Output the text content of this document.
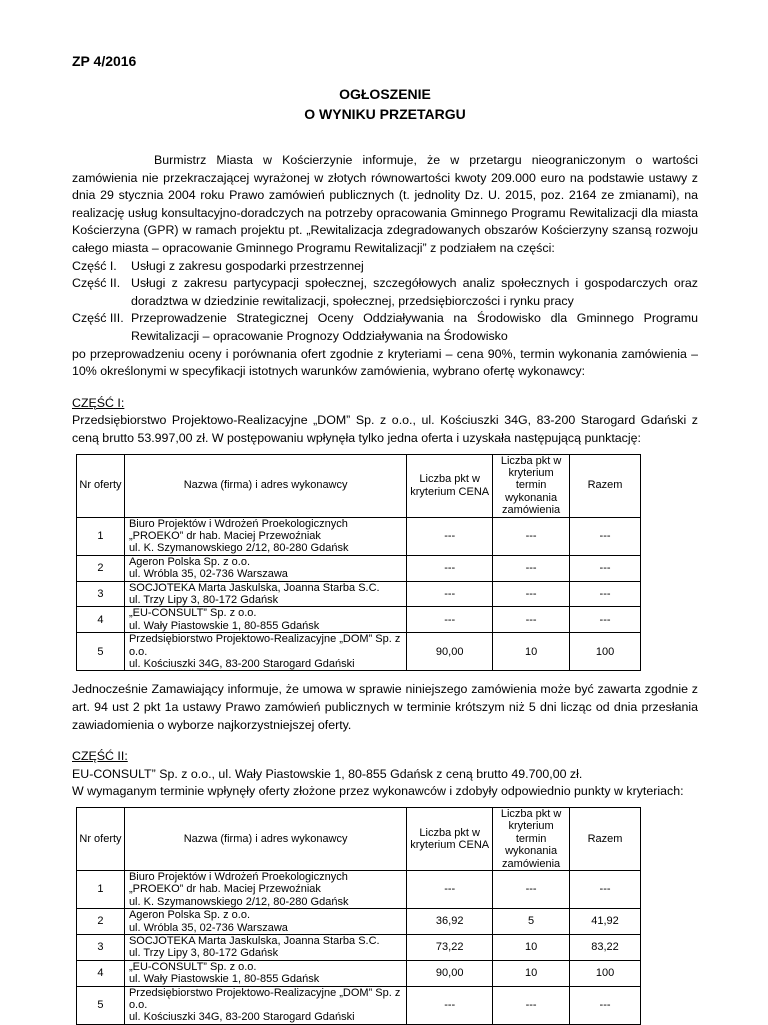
ZP 4/2016

OGŁOSZENIE
O WYNIKU PRZETARGU
Burmistrz Miasta w Kościerzynie informuje, że w przetargu nieograniczonym o wartości zamówienia nie przekraczającej wyrażonej w złotych równowartości kwoty 209.000 euro na podstawie ustawy z dnia 29 stycznia 2004 roku Prawo zamówień publicznych (t. jednolity Dz. U. 2015, poz. 2164 ze zmianami), na realizację usług konsultacyjno-doradczych na potrzeby opracowania Gminnego Programu Rewitalizacji dla miasta Kościerzyna (GPR) w ramach projektu pt. „Rewitalizacja zdegradowanych obszarów Kościerzyny szansą rozwoju całego miasta – opracowanie Gminnego Programu Rewitalizacji” z podziałem na części:
Część I.	Usługi z zakresu gospodarki przestrzennej
Część II. Usługi z zakresu partycypacji społecznej, szczegółowych analiz społecznych i gospodarczych oraz doradztwa w dziedzinie rewitalizacji, społecznej, przedsiębiorczości i rynku pracy
Część III. Przeprowadzenie Strategicznej Oceny Oddziaływania na Środowisko dla Gminnego Programu Rewitalizacji – opracowanie Prognozy Oddziaływania na Środowisko
po przeprowadzeniu oceny i porównania ofert zgodnie z kryteriami – cena 90%, termin wykonania zamówienia – 10% określonymi w specyfikacji istotnych warunków zamówienia, wybrano ofertę wykonawcy:
CZĘŚĆ I:
Przedsiębiorstwo Projektowo-Realizacyjne „DOM” Sp. z o.o., ul. Kościuszki 34G, 83-200 Starogard Gdański z ceną brutto 53.997,00 zł. W postępowaniu wpłynęła tylko jedna oferta i uzyskała następującą punktację:
Nr oferty	Nazwa (firma) i adres wykonawcy	Liczba pkt w kryterium CENA	Liczba pkt w kryterium termin wykonania zamówienia	Razem
1	Biuro Projektów i Wdrożeń Proekologicznych
„PROEKO” dr hab. Maciej Przewoźniak
ul. K. Szymanowskiego 2/12, 80-280 Gdańsk	---	---	---
2	Ageron Polska Sp. z o.o.
ul. Wróbla 35, 02-736 Warszawa	---	---	---
3	SOCJOTEKA Marta Jaskulska, Joanna Starba S.C.
ul. Trzy Lipy 3, 80-172 Gdańsk	---	---	---
4	„EU-CONSULT” Sp. z o.o.
ul. Wały Piastowskie 1, 80-855 Gdańsk	---	---	---
5	Przedsiębiorstwo Projektowo-Realizacyjne „DOM” Sp. z o.o.
ul. Kościuszki 34G, 83-200 Starogard Gdański	90,00	10	100
Jednocześnie Zamawiający informuje, że umowa w sprawie niniejszego zamówienia może być zawarta zgodnie z art. 94 ust 2 pkt 1a ustawy Prawo zamówień publicznych w terminie krótszym niż 5 dni licząc od dnia przesłania zawiadomienia o wyborze najkorzystniejszej oferty.
CZĘŚĆ II:
EU-CONSULT” Sp. z o.o., ul. Wały Piastowskie 1, 80-855 Gdańsk z ceną brutto 49.700,00 zł.
W wymaganym terminie wpłynęły oferty złożone przez wykonawców i zdobyły odpowiednio punkty w kryteriach:
Nr oferty	Nazwa (firma) i adres wykonawcy	Liczba pkt w kryterium CENA	Liczba pkt w kryterium termin wykonania zamówienia	Razem
1	Biuro Projektów i Wdrożeń Proekologicznych
„PROEKO” dr hab. Maciej Przewoźniak
ul. K. Szymanowskiego 2/12, 80-280 Gdańsk	---	---	---
2	Ageron Polska Sp. z o.o.
ul. Wróbla 35, 02-736 Warszawa	36,92	5	41,92
3	SOCJOTEKA Marta Jaskulska, Joanna Starba S.C.
ul. Trzy Lipy 3, 80-172 Gdańsk	73,22	10	83,22
4	„EU-CONSULT” Sp. z o.o.
ul. Wały Piastowskie 1, 80-855 Gdańsk	90,00	10	100
5	Przedsiębiorstwo Projektowo-Realizacyjne „DOM” Sp. z o.o.
ul. Kościuszki 34G, 83-200 Starogard Gdański	---	---	---
